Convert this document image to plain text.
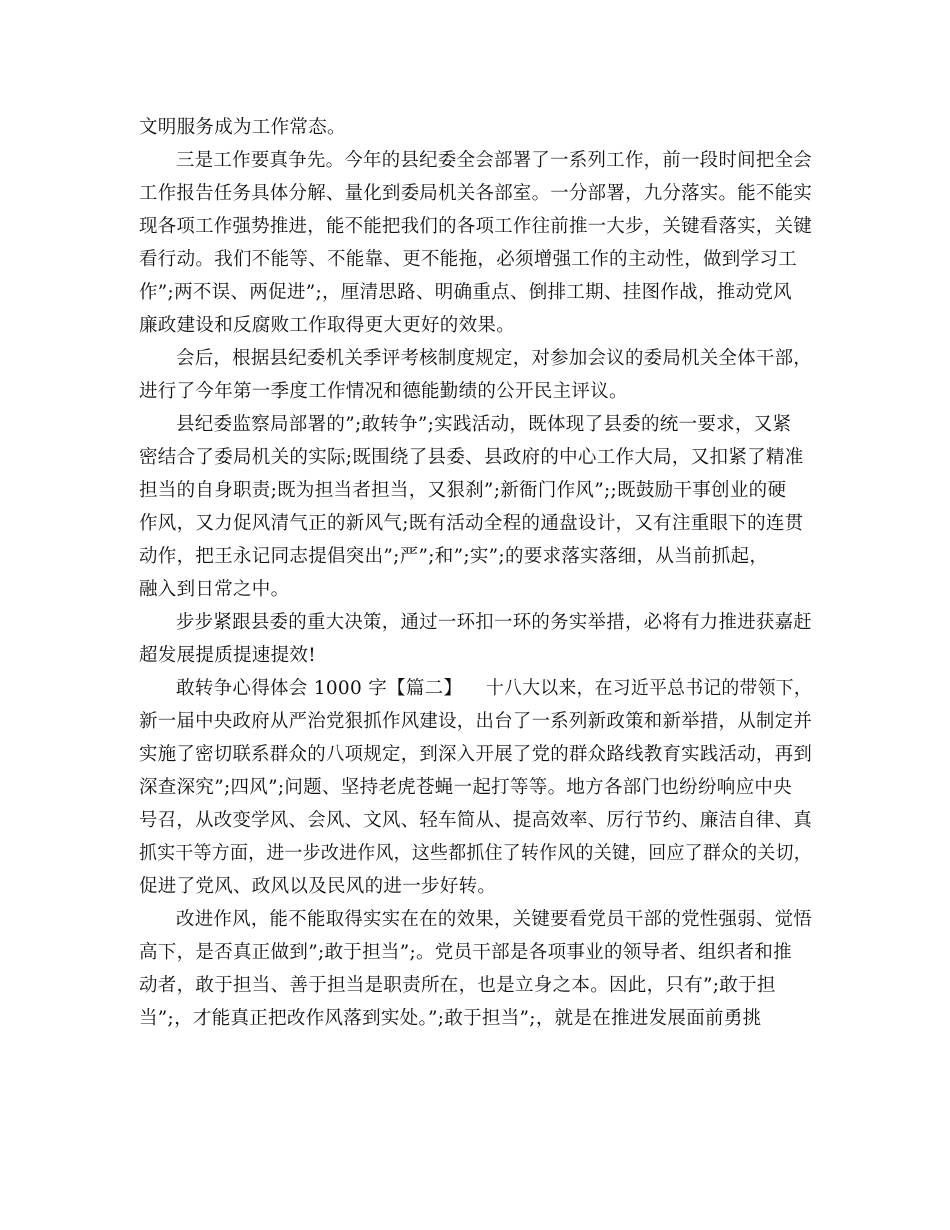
文明服务成为工作常态。
三是工作要真争先。今年的县纪委全会部署了一系列工作，前一段时间把全会
工作报告任务具体分解、量化到委局机关各部室。一分部署，九分落实。能不能实
现各项工作强势推进，能不能把我们的各项工作往前推一大步，关键看落实，关键
看行动。我们不能等、不能靠、更不能拖，必须增强工作的主动性，做到学习工
作”;两不误、两促进”;，厘清思路、明确重点、倒排工期、挂图作战，推动党风
廉政建设和反腐败工作取得更大更好的效果。
会后，根据县纪委机关季评考核制度规定，对参加会议的委局机关全体干部，
进行了今年第一季度工作情况和德能勤绩的公开民主评议。
县纪委监察局部署的”;敢转争”;实践活动，既体现了县委的统一要求，又紧
密结合了委局机关的实际;既围绕了县委、县政府的中心工作大局，又扣紧了精准
担当的自身职责;既为担当者担当，又狠刹”;新衙门作风”;;既鼓励干事创业的硬
作风，又力促风清气正的新风气;既有活动全程的通盘设计，又有注重眼下的连贯
动作，把王永记同志提倡突出”;严”;和”;实”;的要求落实落细，从当前抓起，
融入到日常之中。
步步紧跟县委的重大决策，通过一环扣一环的务实举措，必将有力推进获嘉赶
超发展提质提速提效!
敢转争心得体会 1000 字【篇二】 十八大以来，在习近平总书记的带领下，
新一届中央政府从严治党狠抓作风建设，出台了一系列新政策和新举措，从制定并
实施了密切联系群众的八项规定，到深入开展了党的群众路线教育实践活动，再到
深查深究”;四风”;问题、坚持老虎苍蝇一起打等等。地方各部门也纷纷响应中央
号召，从改变学风、会风、文风、轻车简从、提高效率、厉行节约、廉洁自律、真
抓实干等方面，进一步改进作风，这些都抓住了转作风的关键，回应了群众的关切，
促进了党风、政风以及民风的进一步好转。
改进作风，能不能取得实实在在的效果，关键要看党员干部的党性强弱、觉悟
高下，是否真正做到”;敢于担当”;。党员干部是各项事业的领导者、组织者和推
动者，敢于担当、善于担当是职责所在，也是立身之本。因此，只有”;敢于担
当”;，才能真正把改作风落到实处。”;敢于担当”;，就是在推进发展面前勇挑
